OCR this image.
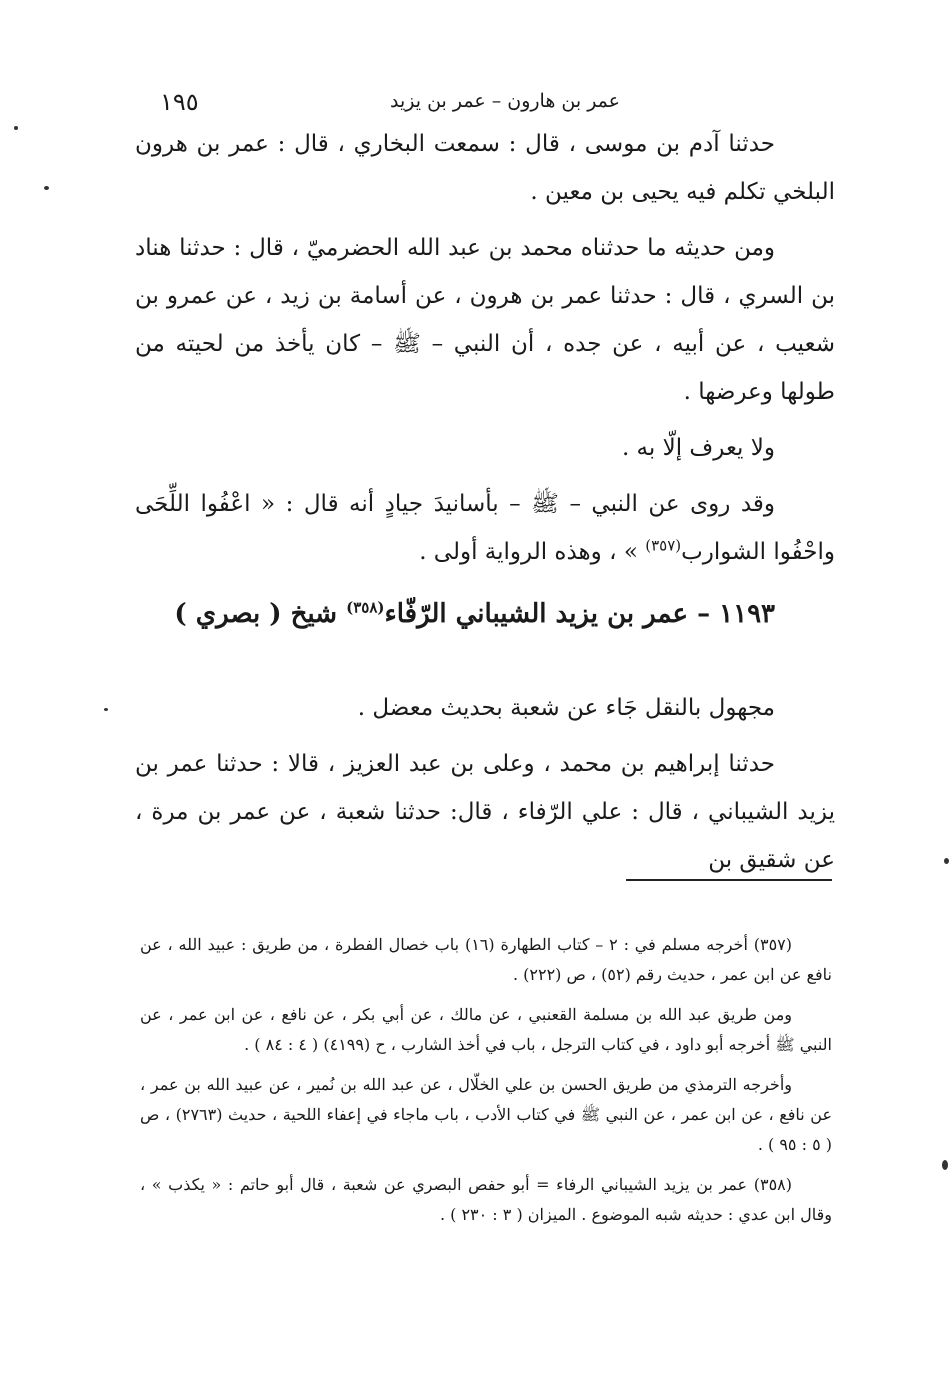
١٩٥	عمر بن هارون – عمر بن يزيد

حدثنا آدم بن موسى ، قال : سمعت البخاري ، قال : عمر بن هرون البلخي تكلم فيه يحيى بن معين .

ومن حديثه ما حدثناه محمد بن عبد الله الحضرميّ ، قال : حدثنا هناد بن السري ، قال : حدثنا عمر بن هرون ، عن أسامة بن زيد ، عن عمرو بن شعيب ، عن أبيه ، عن جده ، أن النبي – ﷺ – كان يأخذ من لحيته من طولها وعرضها .

ولا يعرف إلّا به .

وقد روى عن النبي – ﷺ – بأسانيدَ جيادٍ أنه قال : « اعْفُوا اللِّحَى واحْفُوا الشوارب$^{(٣٥٧)}$ » ، وهذه الرواية أولى .

١١٩٣ – عمر بن يزيد الشيباني الرّفّاء$^{(٣٥٨)}$ شيخ ( بصري )

مجهول بالنقل جَاء عن شعبة بحديث معضل .

حدثنا إبراهيم بن محمد ، وعلى بن عبد العزيز ، قالا : حدثنا عمر بن يزيد الشيباني ، قال : علي الرّفاء ، قال: حدثنا شعبة ، عن عمر بن مرة ، عن شقيق بن

(٣٥٧) أخرجه مسلم في : ٢ – كتاب الطهارة (١٦) باب خصال الفطرة ، من طريق : عبيد الله ، عن نافع عن ابن عمر ، حديث رقم (٥٢) ، ص (٢٢٢) .

ومن طريق عبد الله بن مسلمة القعنبي ، عن مالك ، عن أبي بكر ، عن نافع ، عن ابن عمر ، عن النبي ﷺ أخرجه أبو داود ، في كتاب الترجل ، باب في أخذ الشارب ، ح (٤١٩٩) ( ٤ : ٨٤ ) .

وأخرجه الترمذي من طريق الحسن بن علي الخلّال ، عن عبد الله بن نُمير ، عن عبيد الله بن عمر ، عن نافع ، عن ابن عمر ، عن النبي ﷺ في كتاب الأدب ، باب ماجاء في إعفاء اللحية ، حديث (٢٧٦٣) ، ص ( ٥ : ٩٥ ) .

(٣٥٨) عمر بن يزيد الشيباني الرفاء = أبو حفص البصري عن شعبة ، قال أبو حاتم : « يكذب » ، وقال ابن عدي : حديثه شبه الموضوع . الميزان ( ٣ : ٢٣٠ ) .
